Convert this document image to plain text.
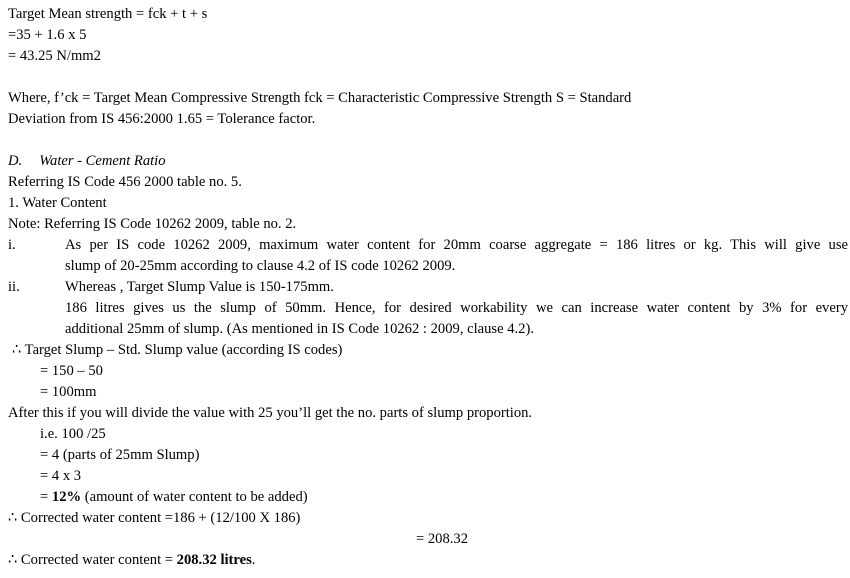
Target Mean strength = fck + t + s
=35 + 1.6 x 5
= 43.25 N/mm2
Where, f’ck = Target Mean Compressive Strength fck = Characteristic Compressive Strength S = Standard
Deviation from IS 456:2000 1.65 = Tolerance factor.
D. Water - Cement Ratio
Referring IS Code 456 2000 table no. 5.
1. Water Content
Note: Referring IS Code 10262 2009, table no. 2.
i.	As per IS code 10262 2009, maximum water content for 20mm coarse aggregate = 186 litres or kg. This will give use
slump of 20-25mm according to clause 4.2 of IS code 10262 2009.
ii.	Whereas , Target Slump Value is 150-175mm.
186 litres gives us the slump of 50mm. Hence, for desired workability we can increase water content by 3% for every
additional 25mm of slump. (As mentioned in IS Code 10262 : 2009, clause 4.2).
∴ Target Slump – Std. Slump value (according IS codes)
= 150 – 50
= 100mm
After this if you will divide the value with 25 you’ll get the no. parts of slump proportion.
i.e. 100 /25
= 4 (parts of 25mm Slump)
= 4 x 3
= 12% (amount of water content to be added)
∴ Corrected water content =186 + (12/100 X 186)
= 208.32
∴ Corrected water content = 208.32 litres.
